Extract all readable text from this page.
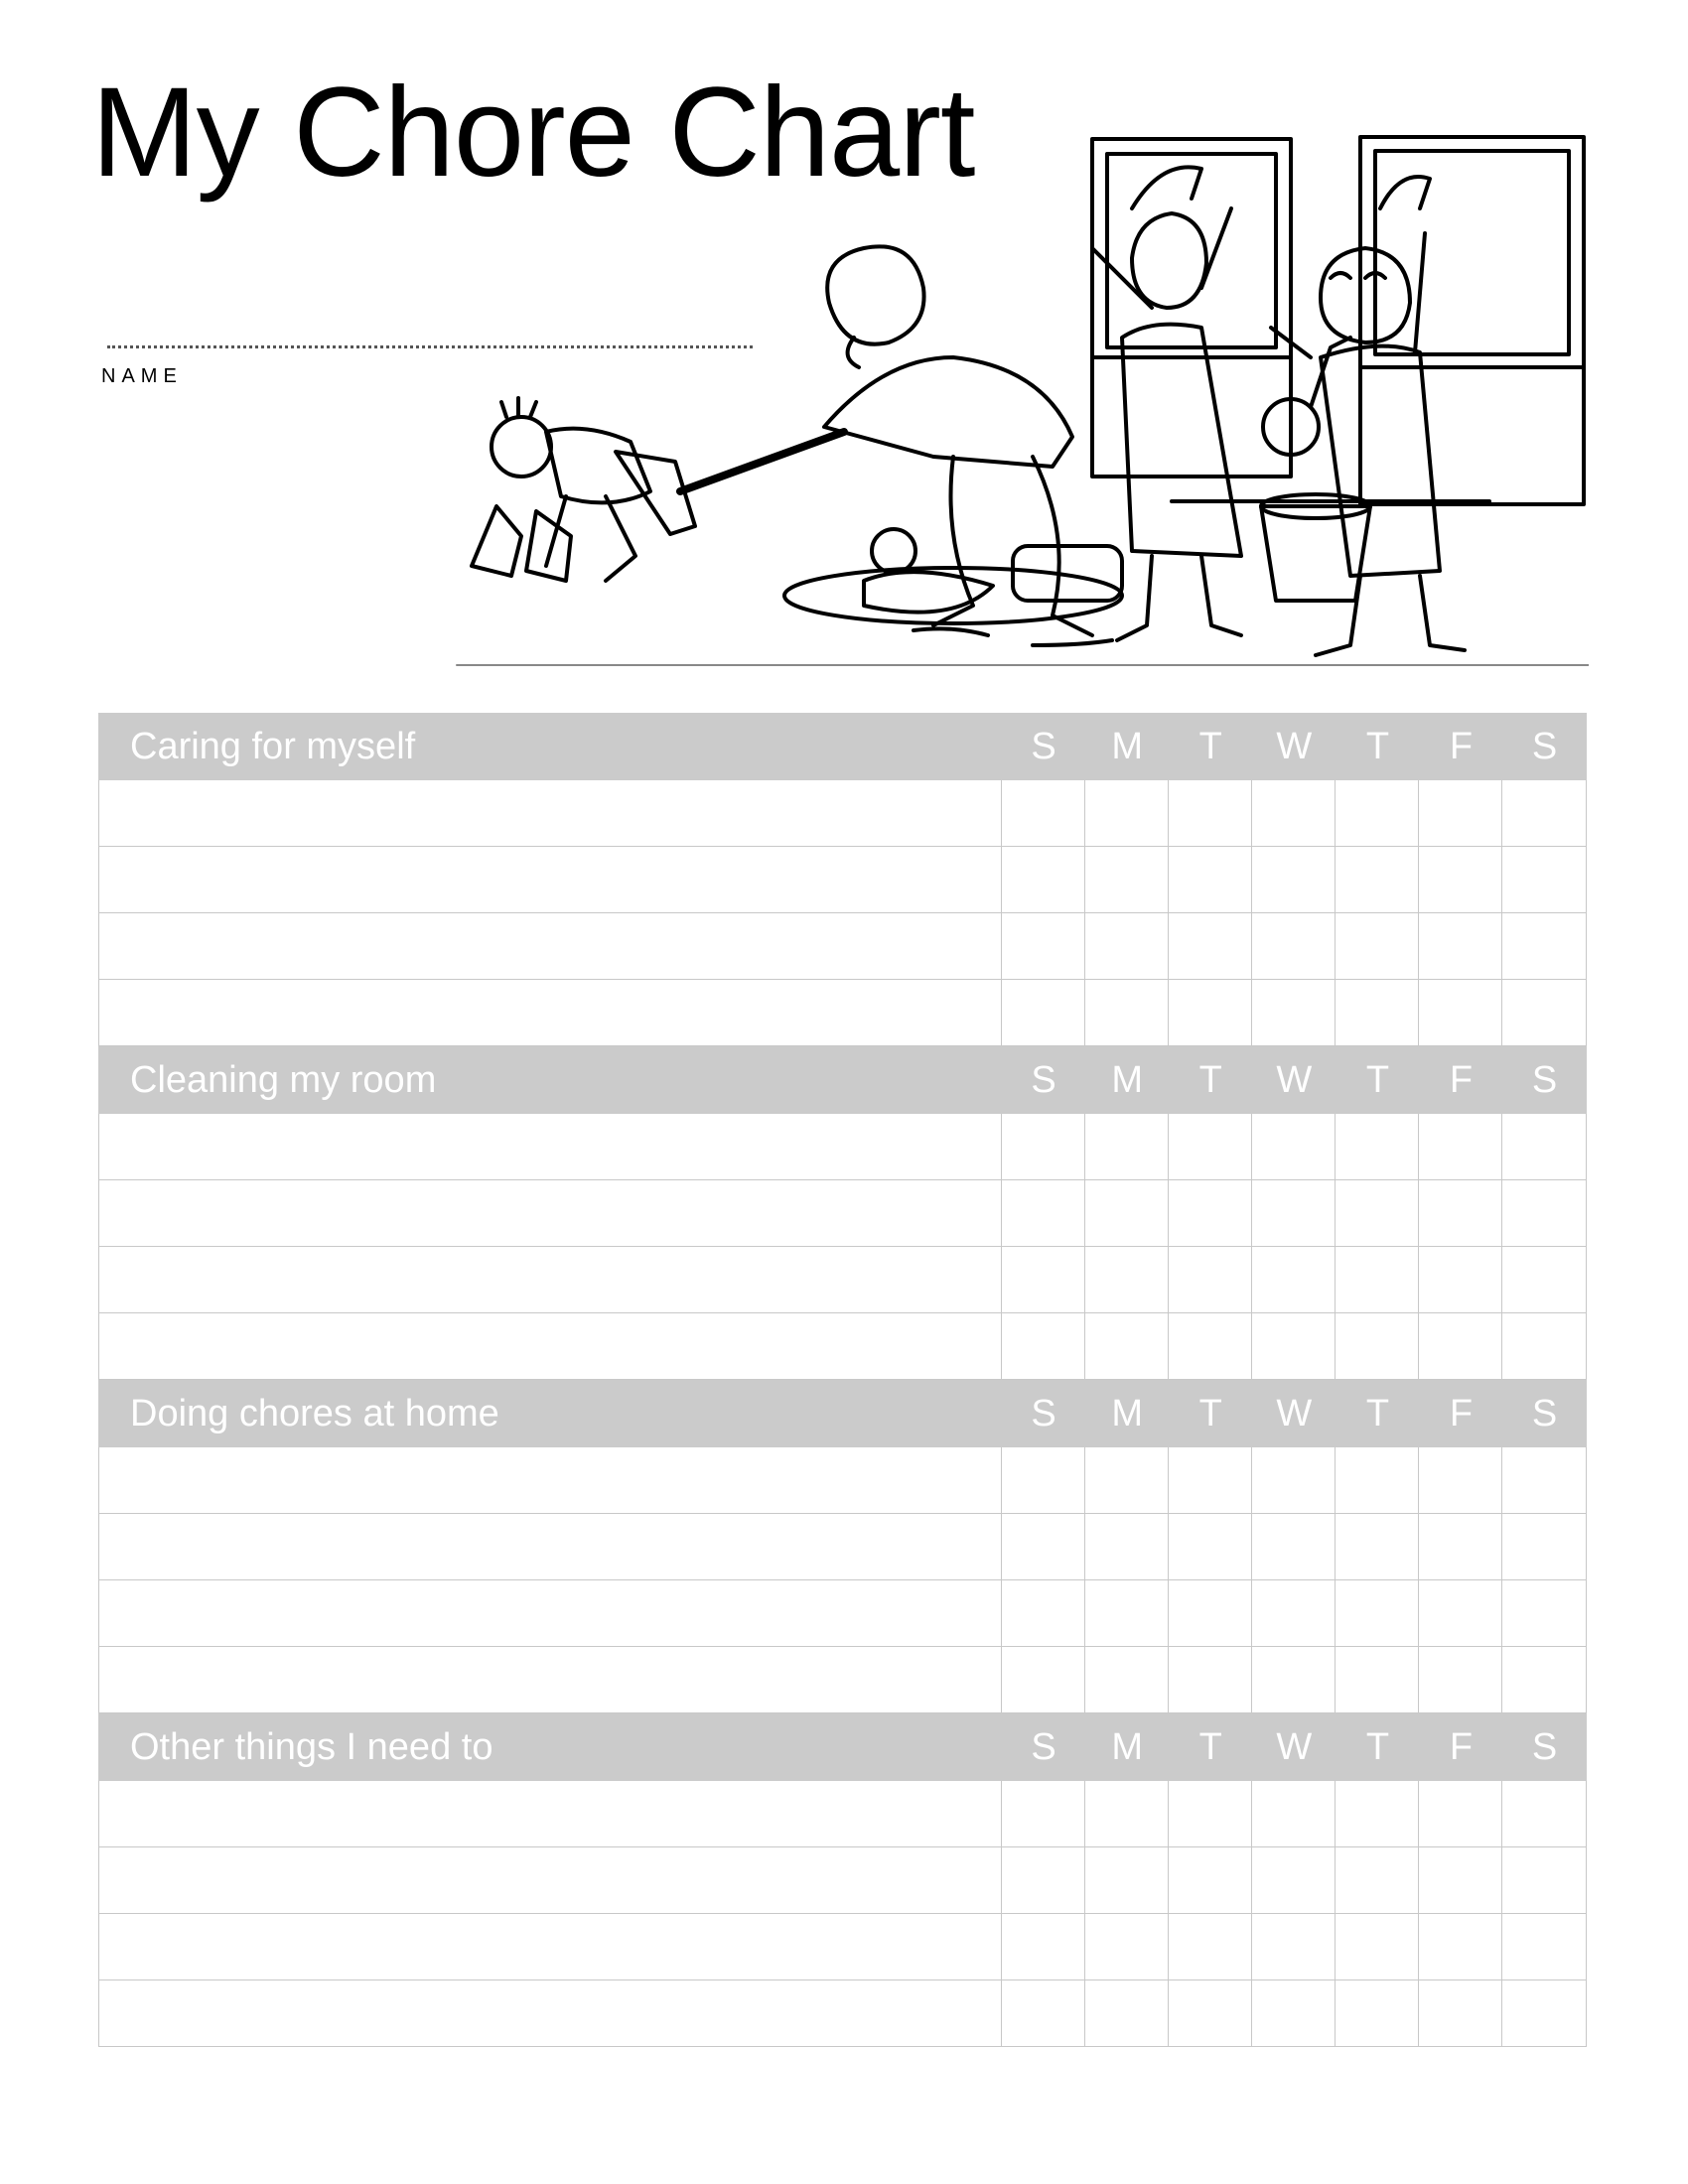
My Chore Chart
NAME
Caring for myself	S	M	T	W	T	F	S
Cleaning my room	S	M	T	W	T	F	S
Doing chores at home	S	M	T	W	T	F	S
Other things I need to	S	M	T	W	T	F	S
